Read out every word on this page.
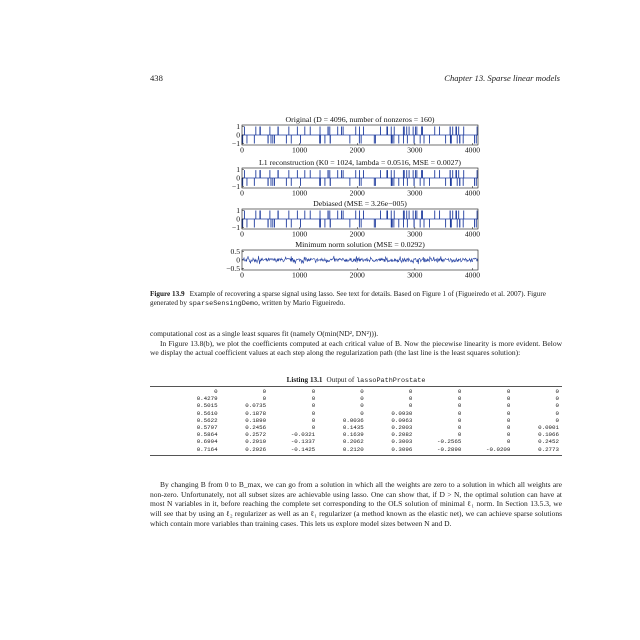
438	Chapter 13. Sparse linear models
Original (D = 4096, number of nonzeros = 160)
1
0
−1
0	1000	2000	3000	4000
L1 reconstruction (K0 = 1024, lambda = 0.0516, MSE = 0.0027)
1
0
−1
0	1000	2000	3000	4000
Debiased (MSE = 3.26e−005)
1
0
−1
0	1000	2000	3000	4000
Minimum norm solution (MSE = 0.0292)
0.5
0
−0.5
0	1000	2000	3000	4000
Figure 13.9 Example of recovering a sparse signal using lasso. See text for details. Based on Figure 1 of (Figueiredo et al. 2007). Figure generated by sparseSensingDemo, written by Mario Figueiredo.

computational cost as a single least squares fit (namely O(min(ND², DN²))).

In Figure 13.8(b), we plot the coefficients computed at each critical value of B. Now the piecewise linearity is more evident. Below we display the actual coefficient values at each step along the regularization path (the last line is the least squares solution):

Listing 13.1 Output of lassoPathProstate
0	0	0	0	0	0	0	0
0.4279	0	0	0	0	0	0	0
0.5015	0.0735	0	0	0	0	0	0
0.5610	0.1878	0	0	0.0930	0	0	0
0.5622	0.1890	0	0.0036	0.0963	0	0	0
0.5797	0.2456	0	0.1435	0.2003	0	0	0.0901
0.5864	0.2572	-0.0321	0.1639	0.2082	0	0	0.1066
0.6994	0.2910	-0.1337	0.2062	0.3003	-0.2565	0	0.2452
0.7164	0.2926	-0.1425	0.2120	0.3096	-0.2890	-0.0209	0.2773

By changing B from 0 to B_max, we can go from a solution in which all the weights are zero to a solution in which all weights are non-zero. Unfortunately, not all subset sizes are achievable using lasso. One can show that, if D > N, the optimal solution can have at most N variables in it, before reaching the complete set corresponding to the OLS solution of minimal ℓ₁ norm. In Section 13.5.3, we will see that by using an ℓ₂ regularizer as well as an ℓ₁ regularizer (a method known as the elastic net), we can achieve sparse solutions which contain more variables than training cases. This lets us explore model sizes between N and D.
